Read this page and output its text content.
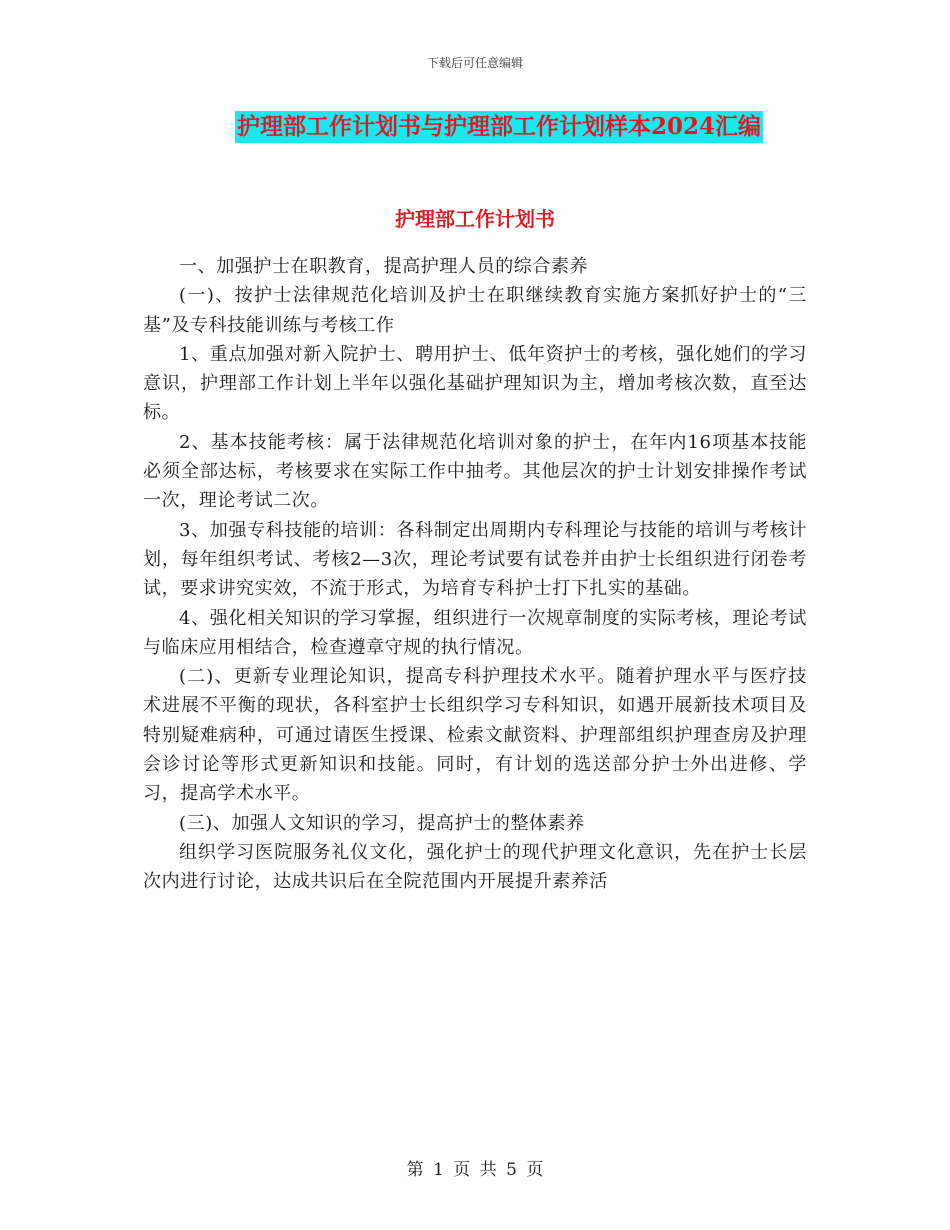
下载后可任意编辑
护理部工作计划书与护理部工作计划样本2024汇编
护理部工作计划书

一、加强护士在职教育，提高护理人员的综合素养

(一)、按护士法律规范化培训及护士在职继续教育实施方案抓好护士的“三基”及专科技能训练与考核工作

1、重点加强对新入院护士、聘用护士、低年资护士的考核，强化她们的学习意识，护理部工作计划上半年以强化基础护理知识为主，增加考核次数，直至达标。

2、基本技能考核：属于法律规范化培训对象的护士，在年内16项基本技能必须全部达标，考核要求在实际工作中抽考。其他层次的护士计划安排操作考试一次，理论考试二次。

3、加强专科技能的培训：各科制定出周期内专科理论与技能的培训与考核计划，每年组织考试、考核2—3次，理论考试要有试卷并由护士长组织进行闭卷考试，要求讲究实效，不流于形式，为培育专科护士打下扎实的基础。

4、强化相关知识的学习掌握，组织进行一次规章制度的实际考核，理论考试与临床应用相结合，检查遵章守规的执行情况。

(二)、更新专业理论知识，提高专科护理技术水平。随着护理水平与医疗技术进展不平衡的现状，各科室护士长组织学习专科知识，如遇开展新技术项目及特别疑难病种，可通过请医生授课、检索文献资料、护理部组织护理查房及护理会诊讨论等形式更新知识和技能。同时，有计划的选送部分护士外出进修、学习，提高学术水平。

(三)、加强人文知识的学习，提高护士的整体素养

组织学习医院服务礼仪文化，强化护士的现代护理文化意识，先在护士长层次内进行讨论，达成共识后在全院范围内开展提升素养活

第 1 页 共 5 页
